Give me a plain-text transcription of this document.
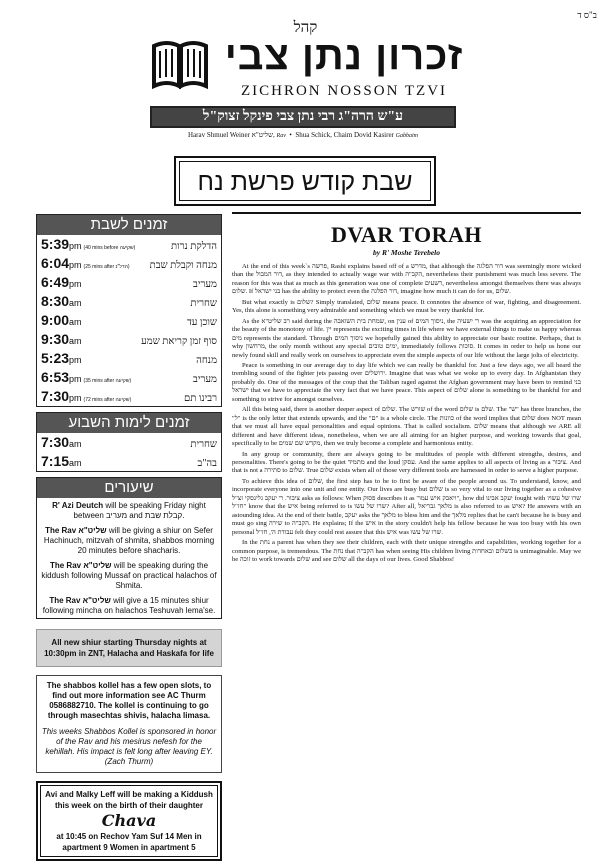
ב"ס ד
קהל
זכרון נתן צבי
ZICHRON NOSSON TZVI
ע"ש הרה"ג רבי נתן צבי פינקל זצוק"ל
Harav Shmuel Weiner שליט"א, Rav  •  Shua Schick, Chaim Dovid Kasirer Gabbaim
שבת קודש פרשת נח
זמנים לשבת
5:39pm (40 mins before שקיעה)	הדלקת נרות
6:04pm (25 mins after הדל"נ) מנחה וקבלת שבת
6:49pm	מעריב
8:30am	שחרית
9:00am	שוכן עד
9:30am	סוף זמן קריאת שמע
5:23pm	מנחה
6:53pm (35 mins after שקיעה)	מעריב
7:30pm (72 mins after שקיעה)	רבינו תם
זמנים לימות השבוע
7:30am	שחרית
7:15am	בה"ב
שיעורים
R' Azi Deutch will be speaking Friday night between מעריב and קבלת שבת.
The Rav שליט"א will be giving a shiur on Sefer Hachinuch, mitzvah of shmita, shabbos morning 20 minutes before shacharis.
The Rav שליט"א will be speaking during the kiddush following Mussaf on practical halachos of Shmita.
The Rav שליט"א will give a 15 minutes shiur following mincha on halachos Teshuvah lema'se.
All new shiur starting Thursday nights at 10:30pm in ZNT, Halacha and Haskafa for life
The shabbos kollel has a few open slots, to find out more information see AC Thurm 0586882710. The kollel is continuing to go through masechtas shivis, halacha limasa.
This weeks Shabbos Kollel is sponsored in honor of the Rav and his mesirus nefesh for the kehillah. His impact is felt long after leaving EY. (Zach Thurm)
Avi and Malky Leff will be making a Kiddush this week on the birth of their daughter
Chava
at 10:45 on Rechov Yam Suf 14 Men in apartment 9 Women in apartment 5
DVAR TORAH
by R' Moshe Terebelo

At the end of this week`s פרשה, Rashi explains based off of a מדרש, that although the דור הפלגה was seemingly more wicked than the דור המבול, as they intended to actually wage war with הקב"ה, nevertheless their punishment was much less severe. The reason for this was that as much as this generation was one of complete רשעים, nevertheless amongst themselves there was always שלום. If בני ישראל has the ability to protect even the דור הפלגה, imagine how much it can do for us, שלום.

But what exactly is שלום? Simply translated, שלום means peace. It connotes the absence of war, fighting, and disagreement. Yes, this alone is something very admirable and something which we must be very thankful for.

As the רב שליט"א said during the שמחת בית השואבה, on ענין of ניסוך המים, the ר' ישעיה was the acquiring an appreciation for the beauty of the monotony of life. יין represents the exciting times in life where we have external things to make us happy whereas מים represents the standard. Through ניסוך המים we hopefully gained this ability to appreciate our basic routine. Perhaps, that is why מרחשון, the only month without any special ימים טובים, immediately follows סוכות. It comes in order to help us hone our newly found skill and really work on ourselves to appreciate even the simple aspects of our life without the large jolts of electricity.

Peace is something in our average day to day life which we can really be thankful for. Just a few days ago, we all heard the trembling sound of the fighter jets passing over ירושלים. Imagine that was what we woke up to every day. In Afghanistan they probably do. One of the messages of the coup that the Taliban raged against the Afghan government may have been to remind בני ישראל that we have to appreciate the very fact that we have peace. This aspect of שלום alone is something to be thankful for and something to strive for amongst ourselves.

All this being said, there is another deeper aspect of שלום. The שורש of the word שלום is שלם. The "ש" has three branches, the "ל" is the only letter that extends upwards, and the "ם" is a whole circle. The כוונות of the word implies that שלום does NOT mean that we must all have equal personalities and equal opinions. That is called socialism. שלום means that although we ARE all different and have different ideas, nonetheless, when we are all aiming for an higher purpose, and working towards that goal, specifically to be מקדש שם שמים, then we truly become a complete and harmonious entity.

In any group or community, there are always going to be multitudes of people with different strengths, desires, and personalities. There's going to be the quiet מתמיד and the loud עסקן. And the same applies to all aspects of living as a ציבור. And that is not a סתירה to שלום. True שלום exists when all of those very different tools are harnessed in order to serve a higher purpose.

To achieve this idea of שלום, the first step has to be to first be aware of the people around us. To understand, know, and incorporate everyone into one unit and one entity. Our lives are busy but שלום is so very vital to our living together as a cohesive ציבור. ר' יעקב גלינסקי זצ"ל asks as follows: When פסוק describes it as "ויאבק איש עמו", how did יעקב אבינו fought with שרו של עשו? "חז"ל know that the איש being referred to is שרו של עשו? After all, מלאך גבריאל is also referred to as איש? He answers with an astounding idea. At the end of their battle, יעקב asks the מלאך to bless him and the מלאך replies that he can't because he is busy and must go sing שירה to הקב"ה. He explains; If the איש in the story couldn't help his fellow because he was too busy with his own personal עבודת ה', חז"ל felt they could rest assure that this איש was שרו של עשו.

In the נחת a parent has when they see their children, each with their unique strengths and capabilities, working together for a common purpose, is tremendous. The נחת that הקב"ה has when seeing His children living בשלום ובאחדות is unimaginable. May we be זוכה to work towards שלום and see שלום all the days of our lives. Good Shabbos!
